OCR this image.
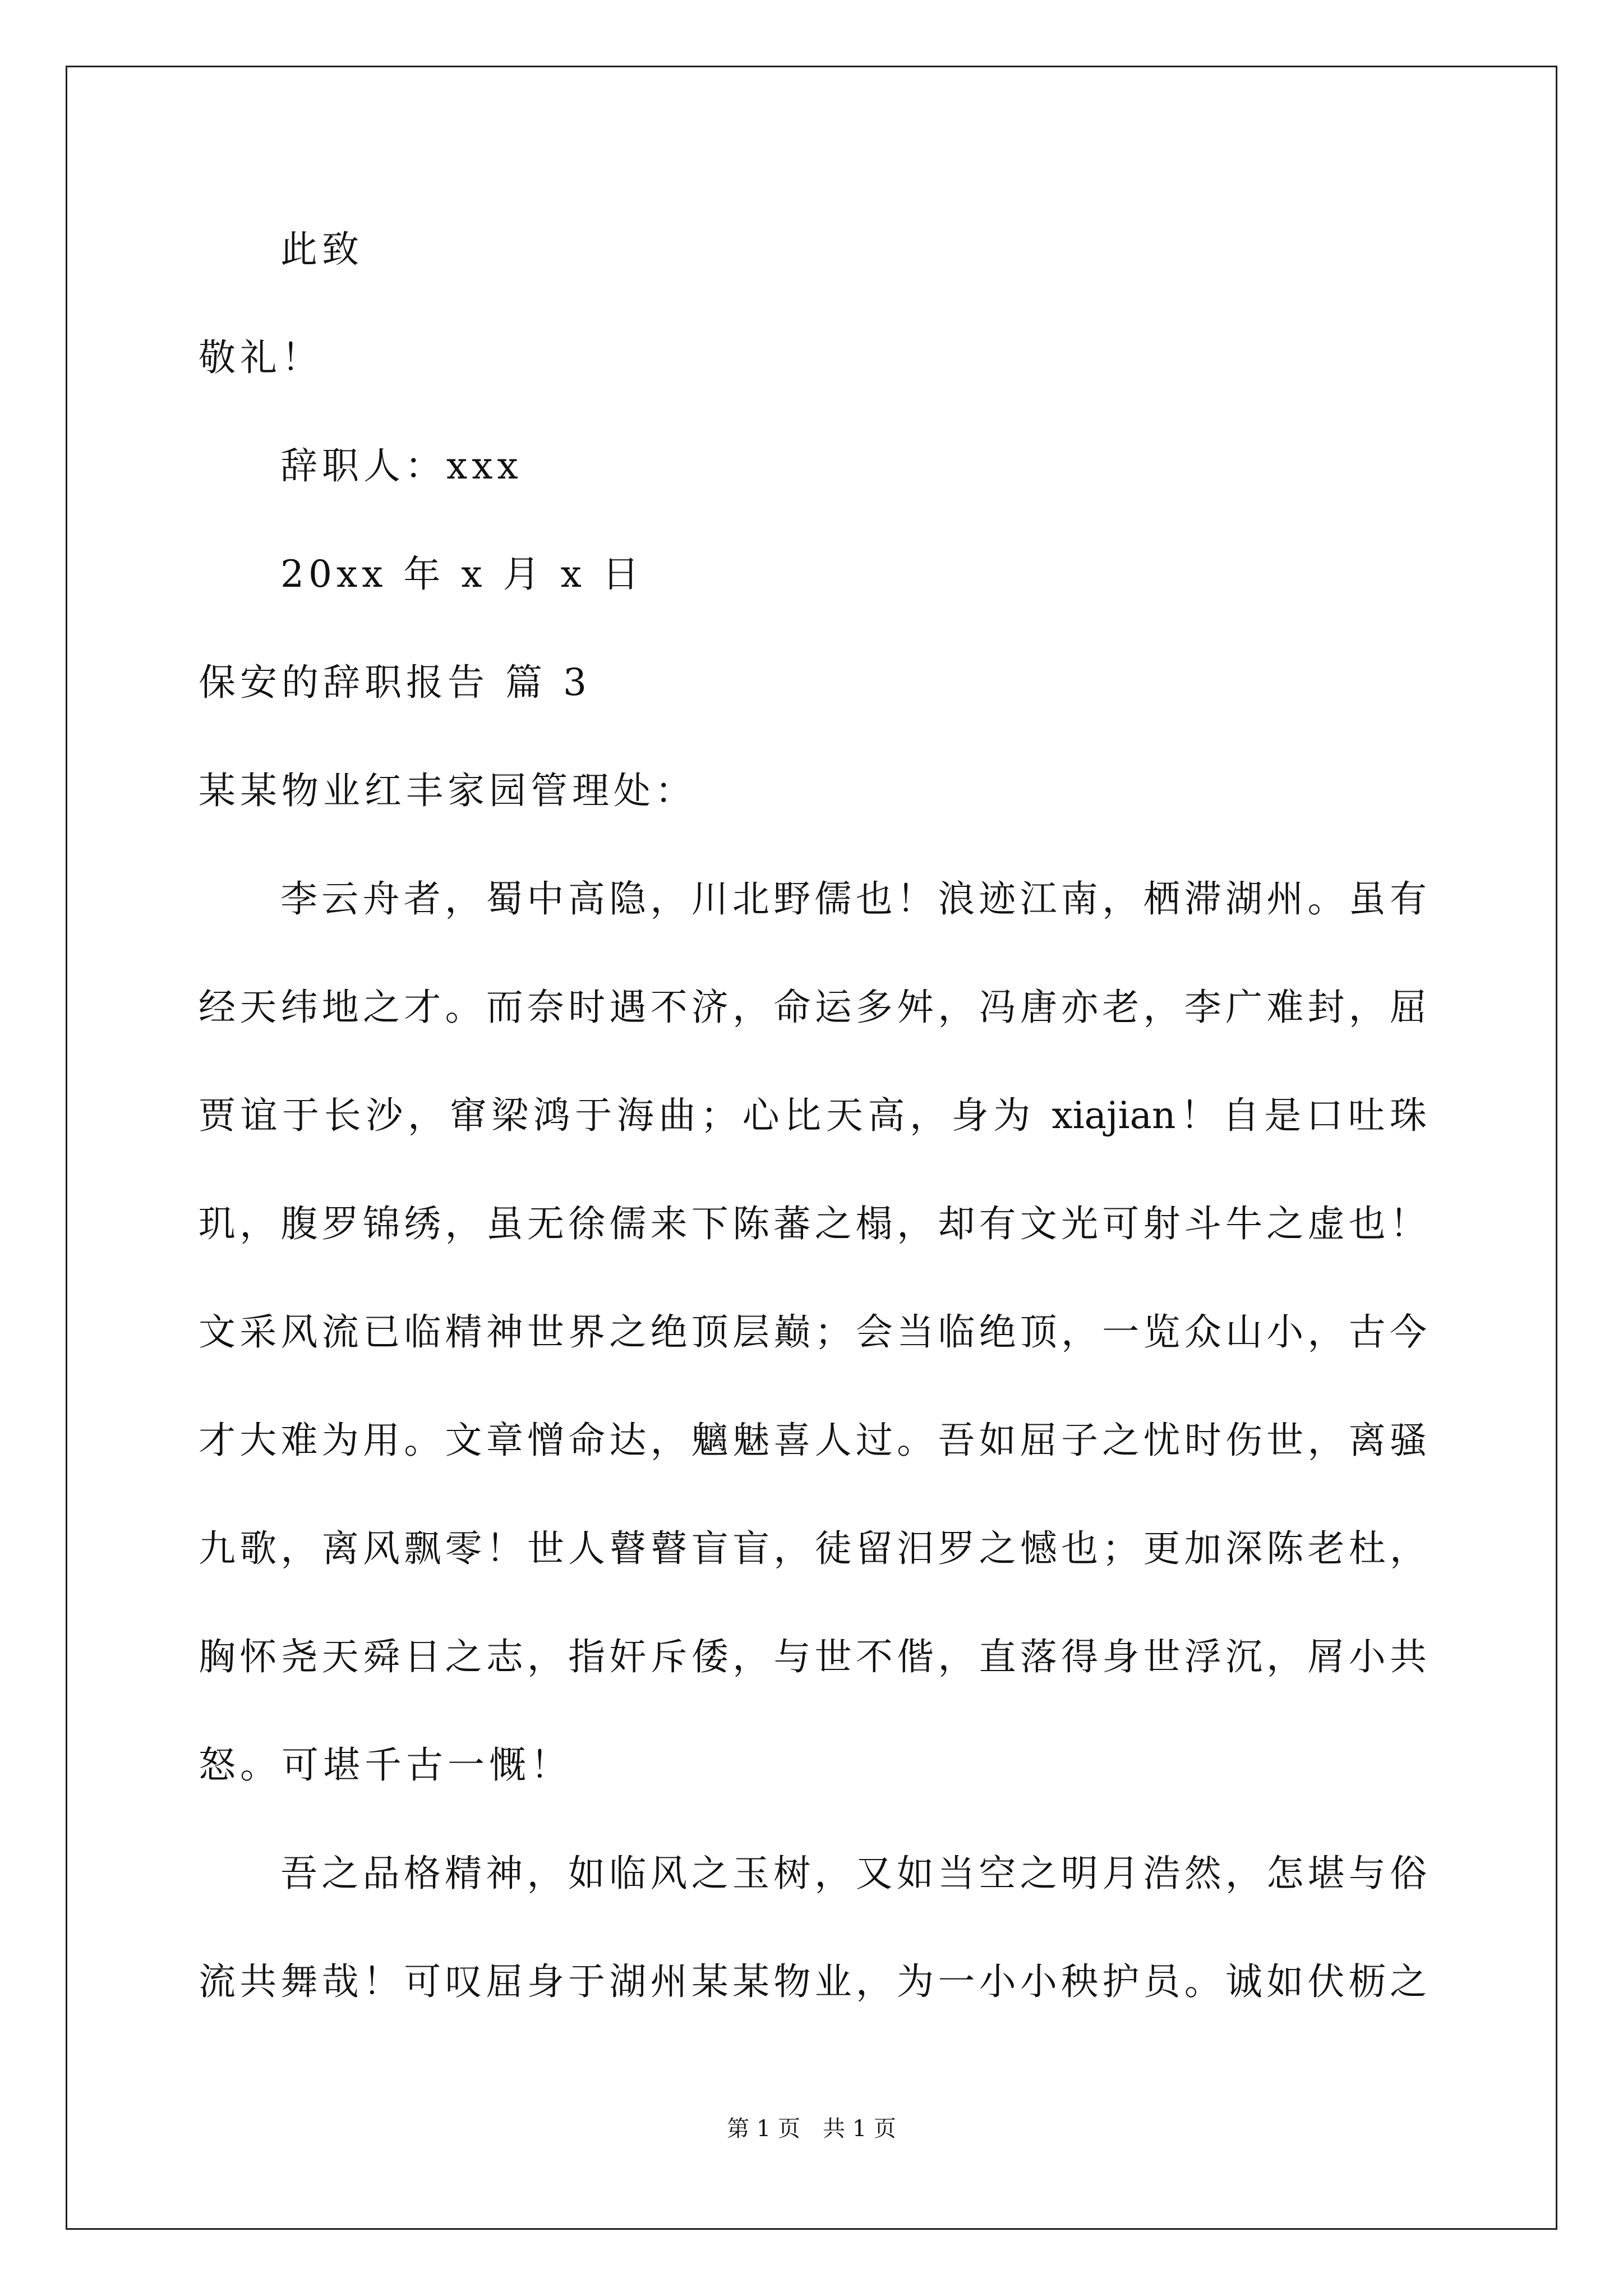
此致
敬礼！
辞职人：xxx
20xx 年 x 月 x 日
保安的辞职报告 篇 3
某某物业红丰家园管理处：
李云舟者，蜀中高隐，川北野儒也！浪迹江南，栖滞湖州。虽有
经天纬地之才。而奈时遇不济，命运多舛，冯唐亦老，李广难封，屈
贾谊于长沙，窜梁鸿于海曲；心比天高，身为 xiajian！自是口吐珠
玑，腹罗锦绣，虽无徐儒来下陈蕃之榻，却有文光可射斗牛之虚也！
文采风流已临精神世界之绝顶层巅；会当临绝顶，一览众山小，古今
才大难为用。文章憎命达，魑魅喜人过。吾如屈子之忧时伤世，离骚
九歌，离风飘零！世人瞽瞽盲盲，徒留汨罗之憾也；更加深陈老杜，
胸怀尧天舜日之志，指奸斥倭，与世不偕，直落得身世浮沉，屑小共
怒。可堪千古一慨！
吾之品格精神，如临风之玉树，又如当空之明月浩然，怎堪与俗
流共舞哉！可叹屈身于湖州某某物业，为一小小秧护员。诚如伏枥之
第 1 页　共 1 页
